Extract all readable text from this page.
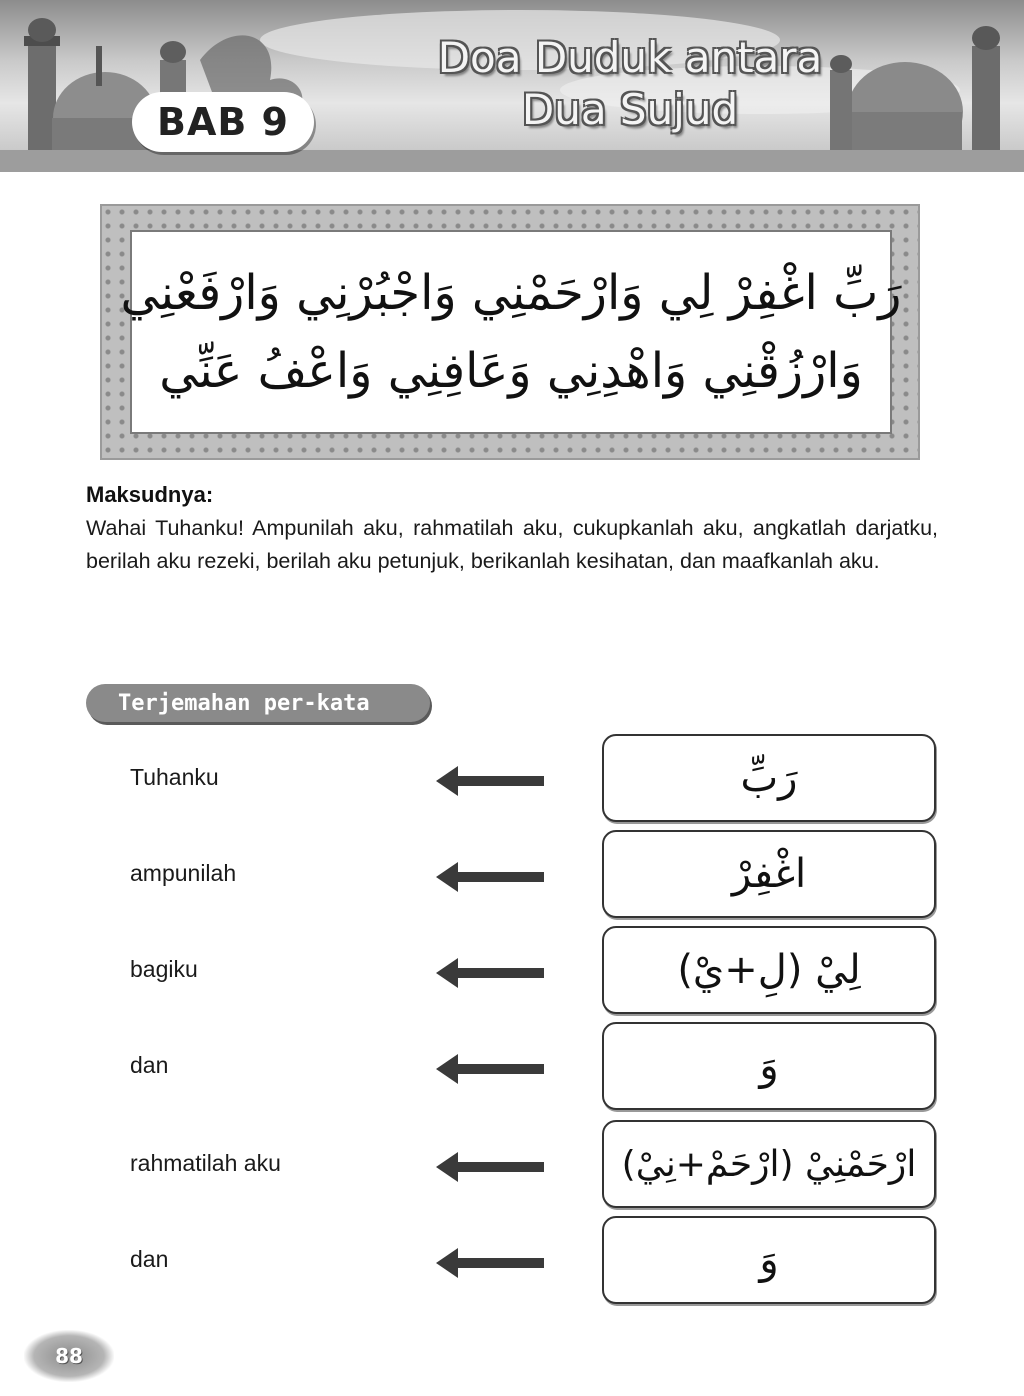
BAB 9
Doa Duduk antara
Dua Sujud
رَبِّ اغْفِرْ لِي وَارْحَمْنِي وَاجْبُرْنِي وَارْفَعْنِي
وَارْزُقْنِي وَاهْدِنِي وَعَافِنِي وَاعْفُ عَنِّي
Maksudnya:
Wahai Tuhanku! Ampunilah aku, rahmatilah aku, cukupkanlah aku, angkatlah darjatku, berilah aku rezeki, berilah aku petunjuk, berikanlah kesihatan, dan maafkanlah aku.
Terjemahan per-kata
Tuhanku	رَبِّ
ampunilah	اغْفِرْ
bagiku	لِيْ (لِ+يْ)
dan	وَ
rahmatilah aku	ارْحَمْنِيْ (ارْحَمْ+نِيْ)
dan	وَ
88
